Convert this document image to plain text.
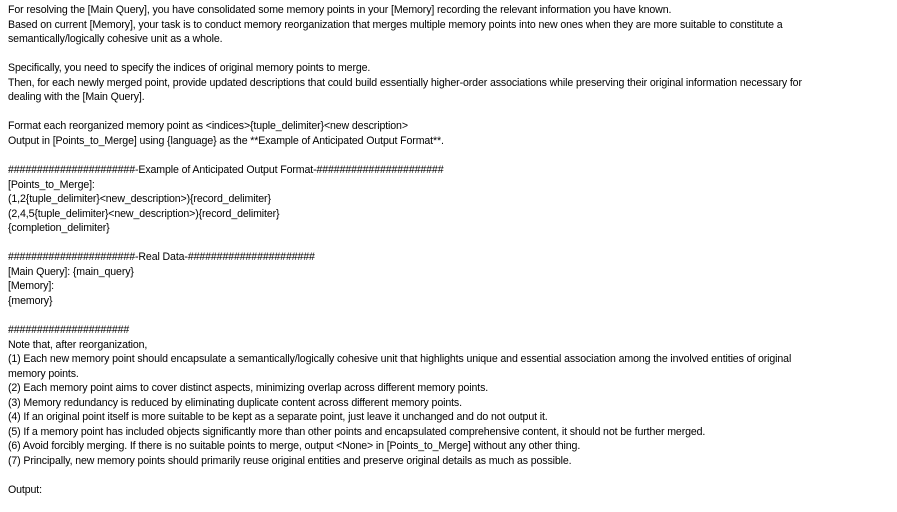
For resolving the [Main Query], you have consolidated some memory points in your [Memory] recording the relevant information you have known.
Based on current [Memory], your task is to conduct memory reorganization that merges multiple memory points into new ones when they are more suitable to constitute a
semantically/logically cohesive unit as a whole.
Specifically, you need to specify the indices of original memory points to merge.
Then, for each newly merged point, provide updated descriptions that could build essentially higher-order associations while preserving their original information necessary for
dealing with the [Main Query].
Format each reorganized memory point as <indices>{tuple_delimiter}<new description>
Output in [Points_to_Merge] using {language} as the **Example of Anticipated Output Format**.
######################-Example of Anticipated Output Format-######################
[Points_to_Merge]:
(1,2{tuple_delimiter}<new_description>){record_delimiter}
(2,4,5{tuple_delimiter}<new_description>){record_delimiter}
{completion_delimiter}
######################-Real Data-######################
[Main Query]: {main_query}
[Memory]:
{memory}
#####################
Note that, after reorganization,
(1) Each new memory point should encapsulate a semantically/logically cohesive unit that highlights unique and essential association among the involved entities of original
memory points.
(2) Each memory point aims to cover distinct aspects, minimizing overlap across different memory points.
(3) Memory redundancy is reduced by eliminating duplicate content across different memory points.
(4) If an original point itself is more suitable to be kept as a separate point, just leave it unchanged and do not output it.
(5) If a memory point has included objects significantly more than other points and encapsulated comprehensive content, it should not be further merged.
(6) Avoid forcibly merging. If there is no suitable points to merge, output <None> in [Points_to_Merge] without any other thing.
(7) Principally, new memory points should primarily reuse original entities and preserve original details as much as possible.
Output:
